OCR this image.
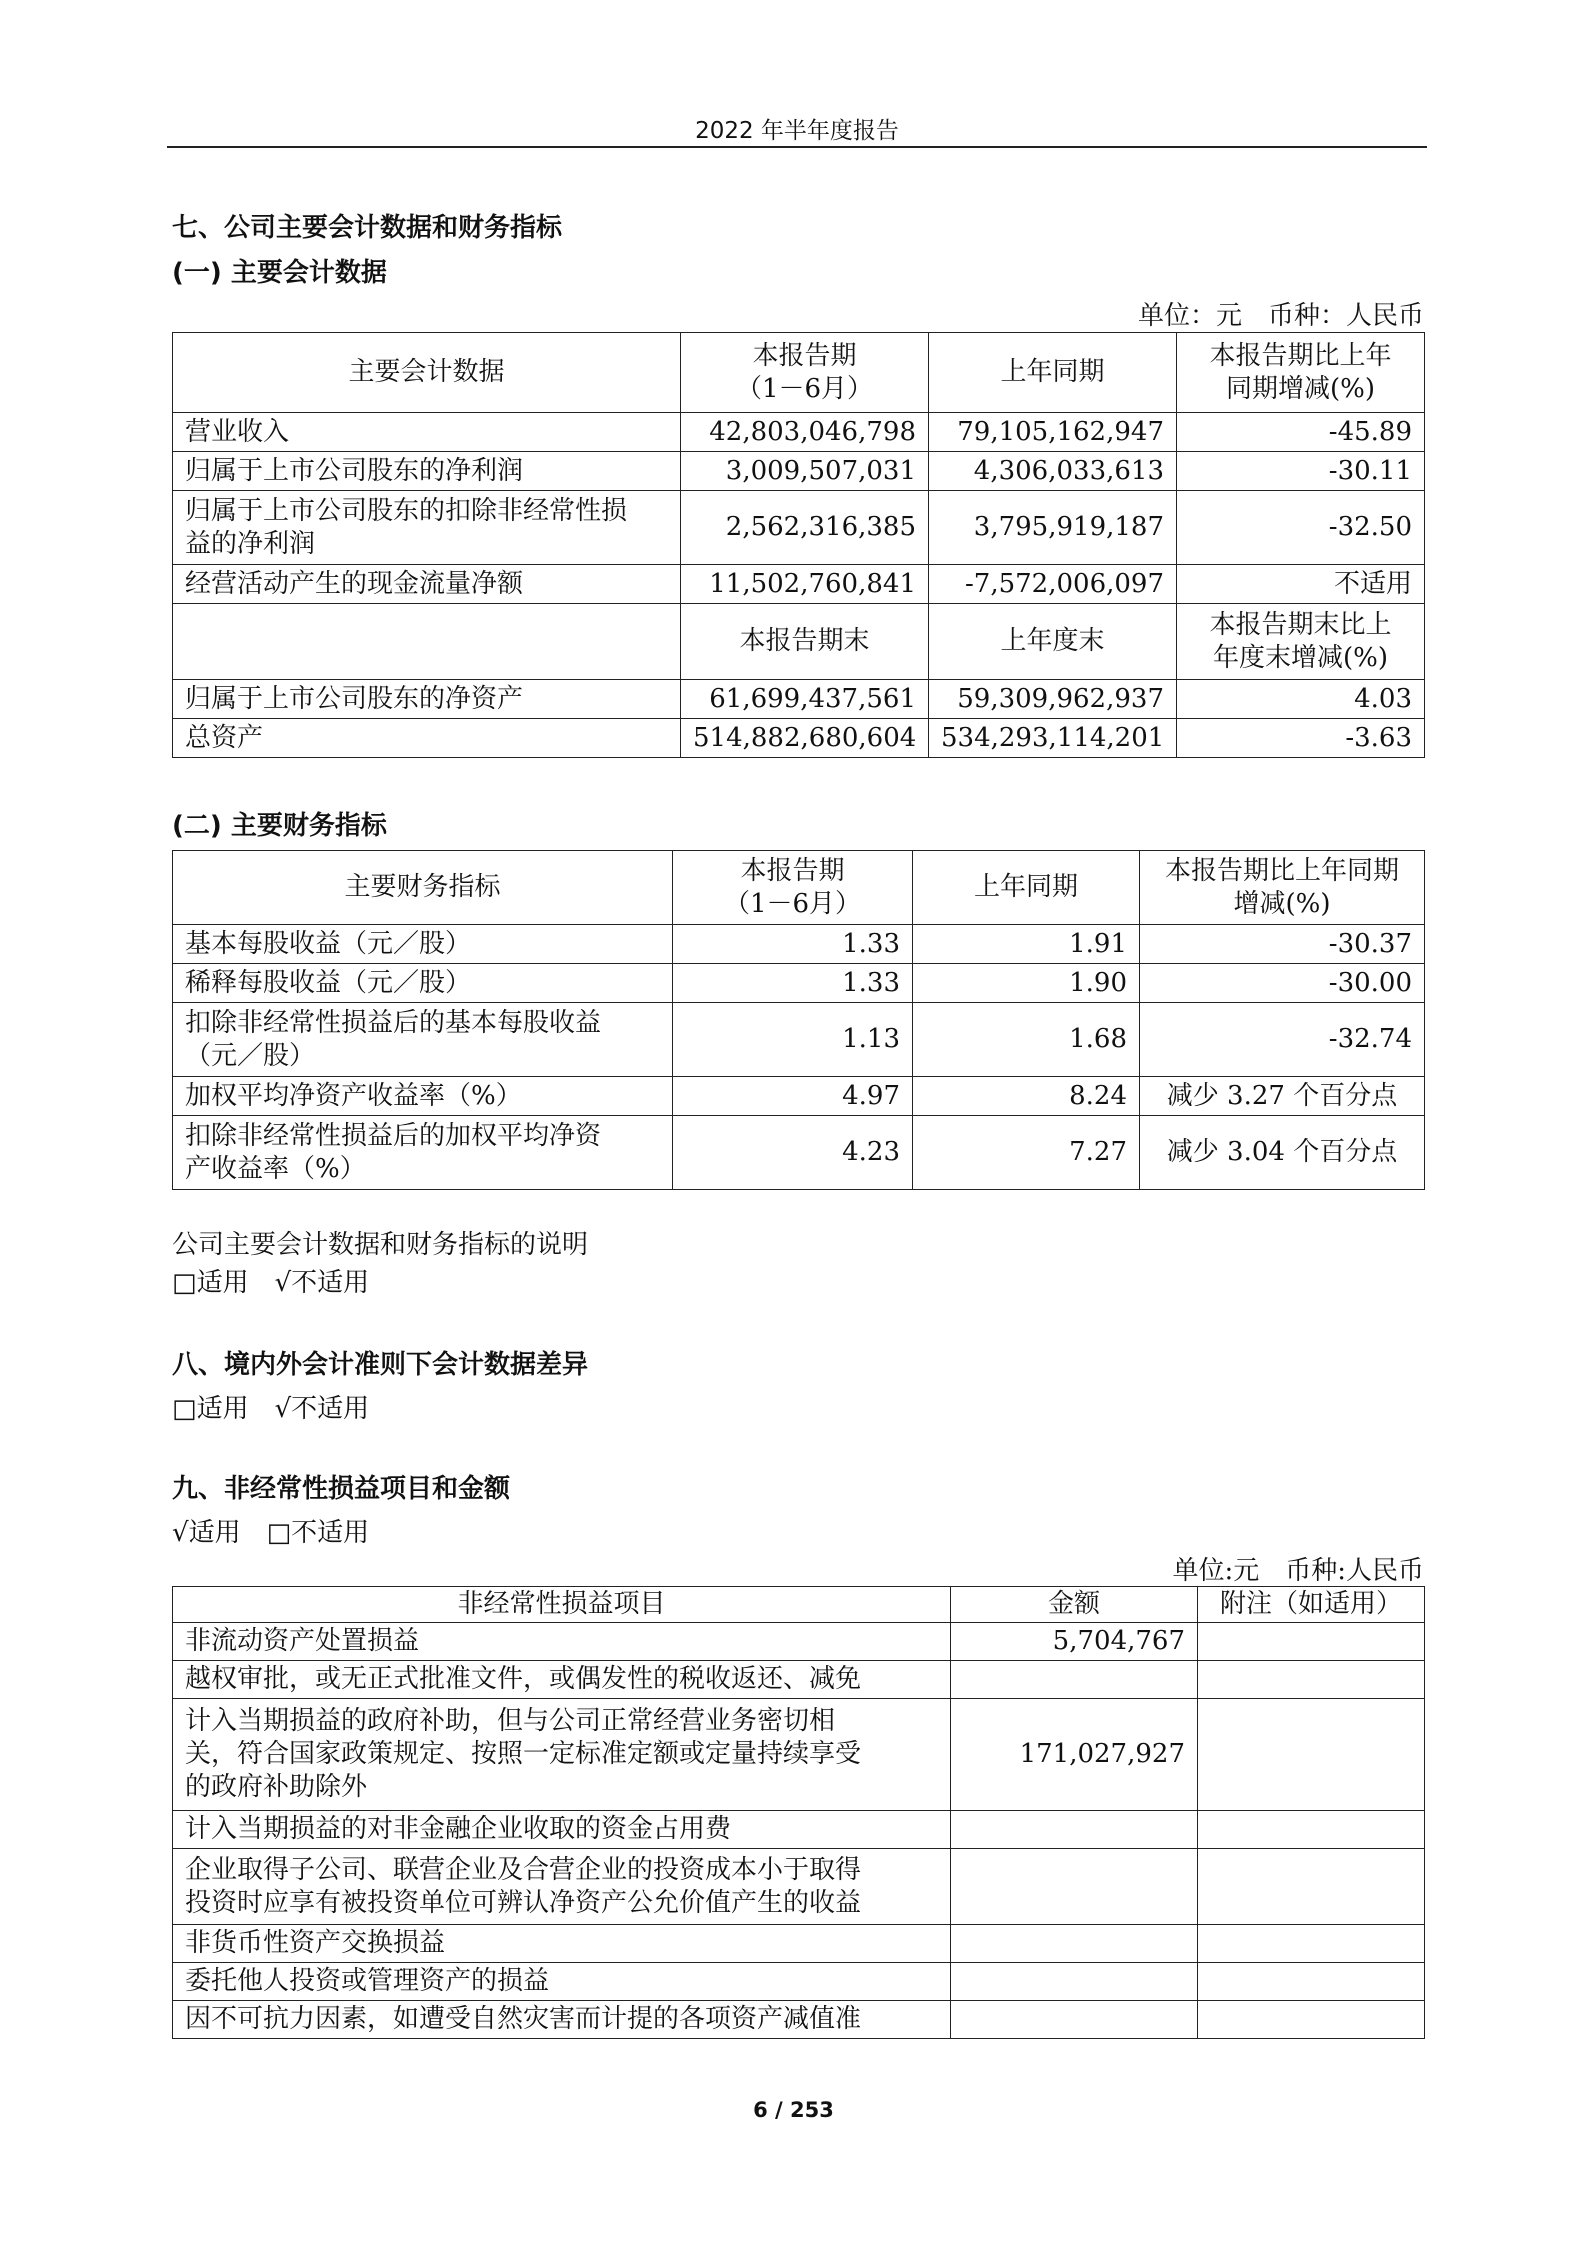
2022 年半年度报告
七、公司主要会计数据和财务指标
(一) 主要会计数据
单位：元　币种：人民币
主要会计数据	本报告期
（1－6月）	上年同期	本报告期比上年
同期增减(%)
营业收入	42,803,046,798	79,105,162,947	-45.89
归属于上市公司股东的净利润	3,009,507,031	4,306,033,613	-30.11
归属于上市公司股东的扣除非经常性损
益的净利润	2,562,316,385	3,795,919,187	-32.50
经营活动产生的现金流量净额	11,502,760,841	-7,572,006,097	不适用
	本报告期末	上年度末	本报告期末比上
年度末增减(%)
归属于上市公司股东的净资产	61,699,437,561	59,309,962,937	4.03
总资产	514,882,680,604	534,293,114,201	-3.63
(二) 主要财务指标
主要财务指标	本报告期
（1－6月）	上年同期	本报告期比上年同期
增减(%)
基本每股收益（元／股）	1.33	1.91	-30.37
稀释每股收益（元／股）	1.33	1.90	-30.00
扣除非经常性损益后的基本每股收益
（元／股）	1.13	1.68	-32.74
加权平均净资产收益率（%）	4.97	8.24	减少 3.27 个百分点
扣除非经常性损益后的加权平均净资
产收益率（%）	4.23	7.27	减少 3.04 个百分点
公司主要会计数据和财务指标的说明
□适用　√不适用
八、境内外会计准则下会计数据差异
□适用　√不适用
九、非经常性损益项目和金额
√适用　□不适用
单位:元　币种:人民币
非经常性损益项目	金额	附注（如适用）
非流动资产处置损益	5,704,767	
越权审批，或无正式批准文件，或偶发性的税收返还、减免		
计入当期损益的政府补助，但与公司正常经营业务密切相
关，符合国家政策规定、按照一定标准定额或定量持续享受
的政府补助除外	171,027,927	
计入当期损益的对非金融企业收取的资金占用费		
企业取得子公司、联营企业及合营企业的投资成本小于取得
投资时应享有被投资单位可辨认净资产公允价值产生的收益		
非货币性资产交换损益		
委托他人投资或管理资产的损益		
因不可抗力因素，如遭受自然灾害而计提的各项资产减值准		
6 / 253
